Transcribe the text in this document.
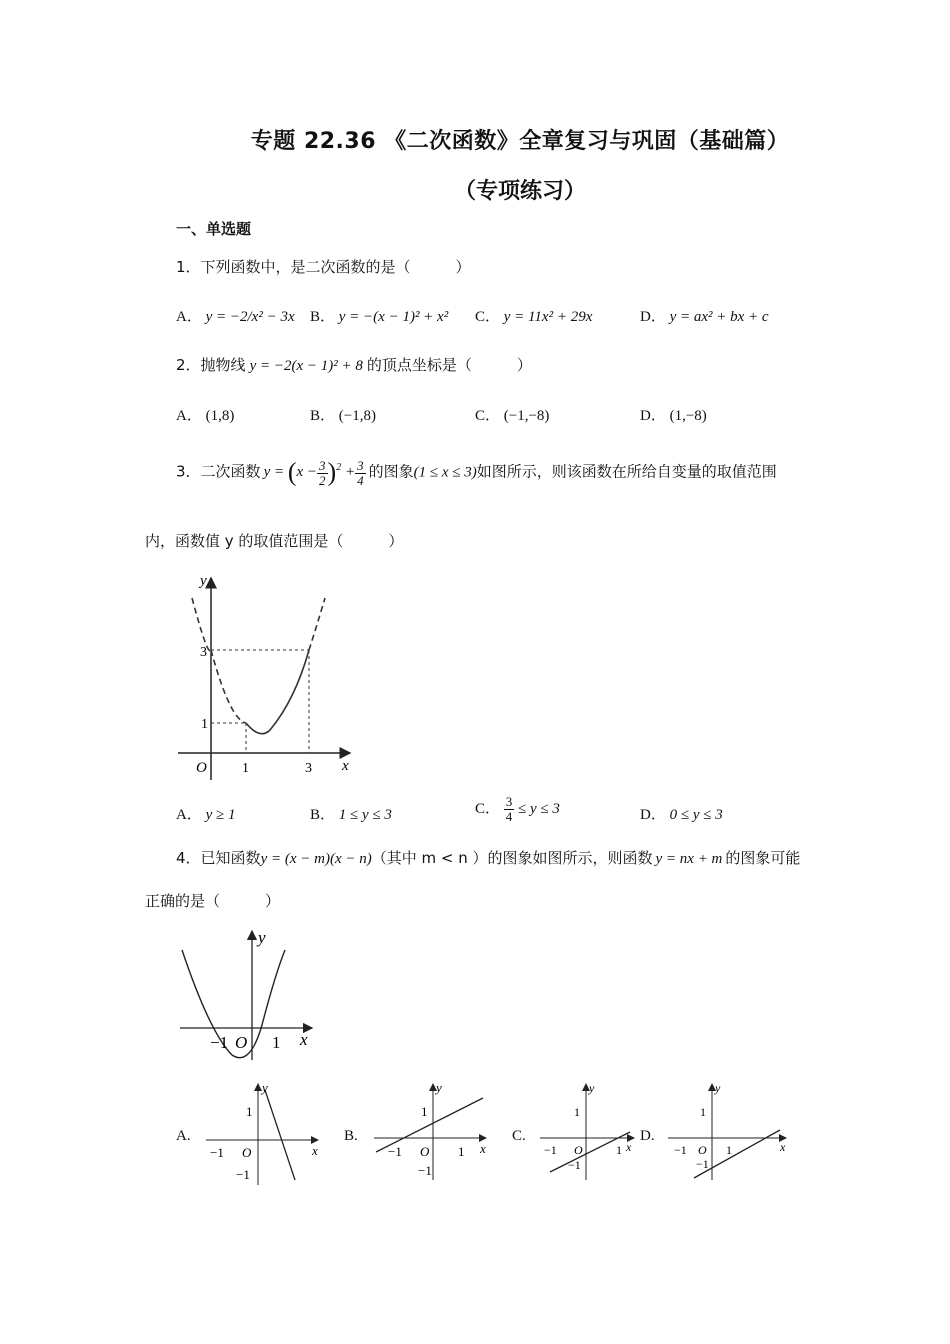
专题 22.36 《二次函数》全章复习与巩固（基础篇）
（专项练习）
一、单选题
1．下列函数中，是二次函数的是（　　　）
A． y = −2/x² − 3x B． y = −(x − 1)² + x² C． y = 11x² + 29x	D． y = ax² + bx + c
2．抛物线 y = −2(x − 1)² + 8 的顶点坐标是（　　　）
A． (1,8)	B． (−1,8)	C． (−1,−8)	D． (1,−8)
3．二次函数 $y = (x - \frac{3}{2} )^2 + \frac{3}{4}$ 的图象(1 ≤ x ≤ 3)如图所示，则该函数在所给自变量的取值范围
内，函数值 y 的取值范围是（　　　）
y
x
O
3
1
1	3
A． y ≥ 1	B． 1 ≤ y ≤ 3	C． $\frac{3}{4} \le y \le 3$	D． 0 ≤ y ≤ 3
4．已知函数y = (x − m)(x − n)（其中 m < n ）的图象如图所示，则函数 y = nx + m 的图象可能
正确的是（　　　）
y
x
−1 O 1
A.
y
x
1
−1 O
−1
B.
y
x
1
−1 O 1
−1
C.
y
x
1
−1 O	1
−1
D.
y
x
1
−1 O 1
−1
